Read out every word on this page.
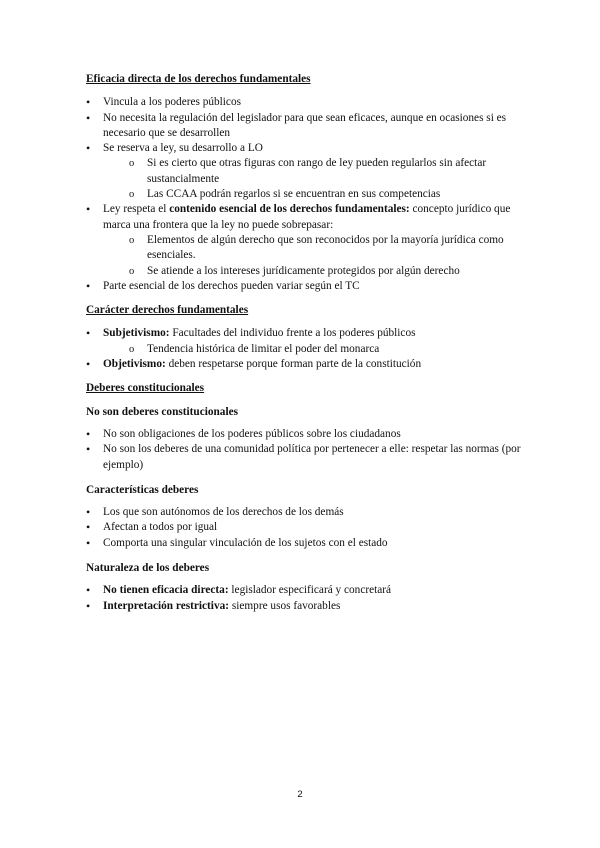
Eficacia directa de los derechos fundamentales
• Vincula a los poderes públicos
• No necesita la regulación del legislador para que sean eficaces, aunque en ocasiones si es necesario que se desarrollen
• Se reserva a ley, su desarrollo a LO
o Si es cierto que otras figuras con rango de ley pueden regularlos sin afectar sustancialmente
o Las CCAA podrán regarlos si se encuentran en sus competencias
• Ley respeta el contenido esencial de los derechos fundamentales: concepto jurídico que marca una frontera que la ley no puede sobrepasar:
o Elementos de algún derecho que son reconocidos por la mayoría jurídica como esenciales.
o Se atiende a los intereses jurídicamente protegidos por algún derecho
• Parte esencial de los derechos pueden variar según el TC
Carácter derechos fundamentales
• Subjetivismo: Facultades del individuo frente a los poderes públicos
o Tendencia histórica de limitar el poder del monarca
• Objetivismo: deben respetarse porque forman parte de la constitución
Deberes constitucionales
No son deberes constitucionales
• No son obligaciones de los poderes públicos sobre los ciudadanos
• No son los deberes de una comunidad política por pertenecer a elle: respetar las normas (por ejemplo)
Características deberes
• Los que son autónomos de los derechos de los demás
• Afectan a todos por igual
• Comporta una singular vinculación de los sujetos con el estado
Naturaleza de los deberes
• No tienen eficacia directa: legislador especificará y concretará
• Interpretación restrictiva: siempre usos favorables
2
